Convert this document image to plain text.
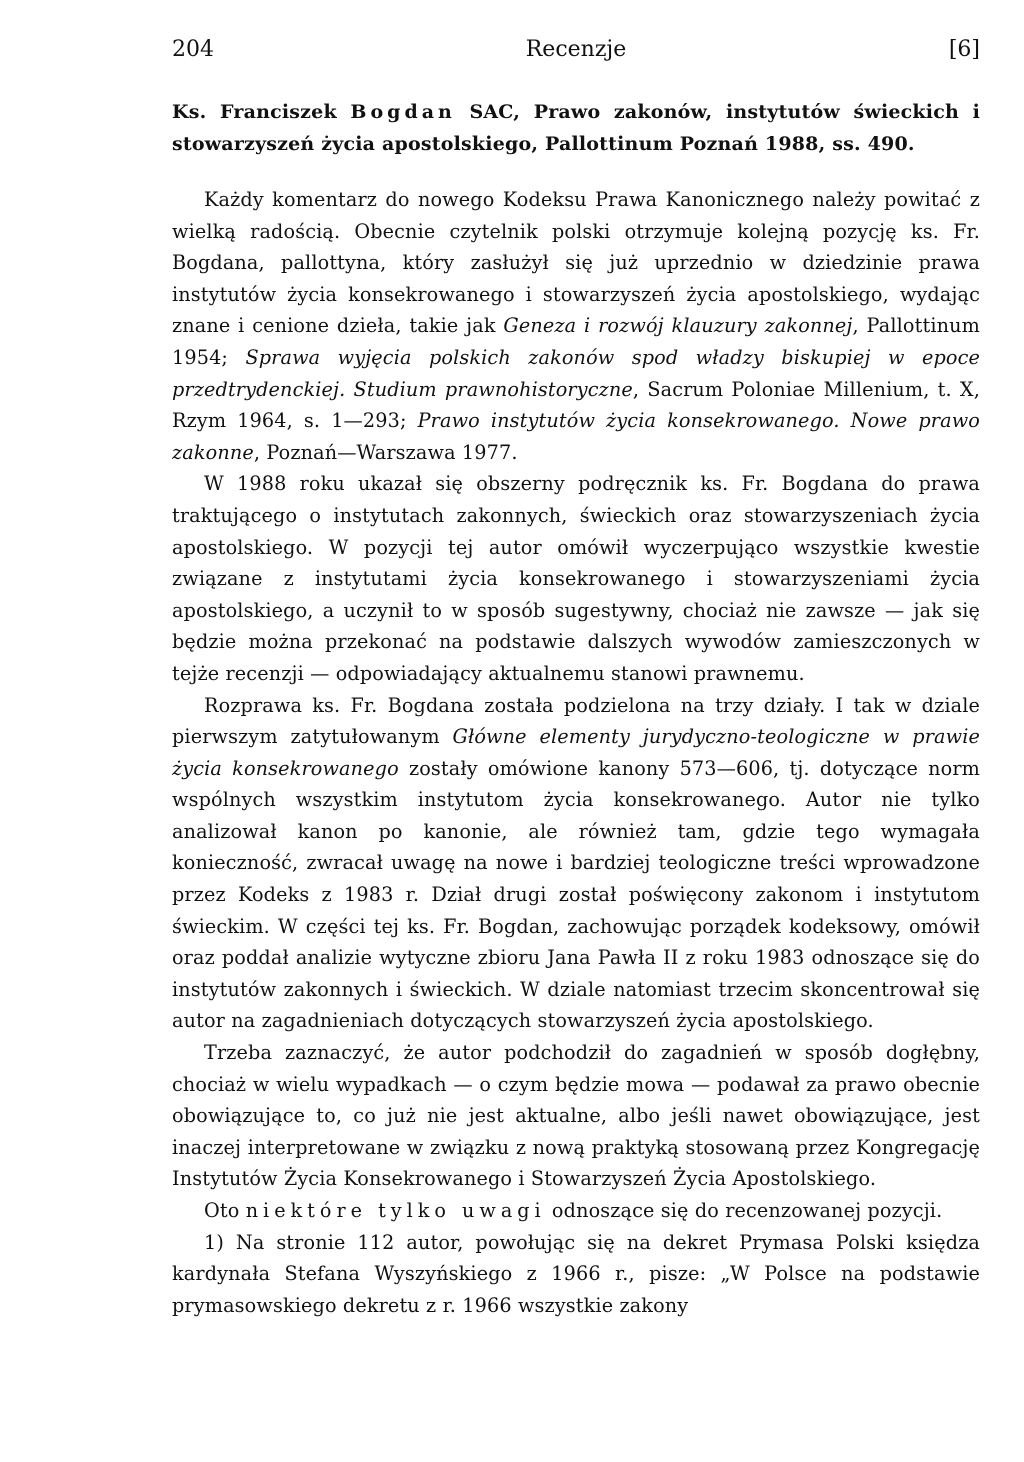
204	Recenzje	[6]
Ks. Franciszek Bogdan SAC, Prawo zakonów, instytutów świeckich i stowarzyszeń życia apostolskiego, Pallottinum Poznań 1988, ss. 490.

Każdy komentarz do nowego Kodeksu Prawa Kanonicznego należy powitać z wielką radością. Obecnie czytelnik polski otrzymuje kolejną pozycję ks. Fr. Bogdana, pallottyna, który zasłużył się już uprzednio w dziedzinie prawa instytutów życia konsekrowanego i stowarzyszeń życia apostolskiego, wydając znane i cenione dzieła, takie jak Geneza i rozwój klauzury zakonnej, Pallottinum 1954; Sprawa wyjęcia polskich zakonów spod władzy biskupiej w epoce przedtrydenckiej. Studium prawnohistoryczne, Sacrum Poloniae Millenium, t. X, Rzym 1964, s. 1—293; Prawo instytutów życia konsekrowanego. Nowe prawo zakonne, Poznań—Warszawa 1977.

W 1988 roku ukazał się obszerny podręcznik ks. Fr. Bogdana do prawa traktującego o instytutach zakonnych, świeckich oraz stowarzyszeniach życia apostolskiego. W pozycji tej autor omówił wyczerpująco wszystkie kwestie związane z instytutami życia konsekrowanego i stowarzyszeniami życia apostolskiego, a uczynił to w sposób sugestywny, chociaż nie zawsze — jak się będzie można przekonać na podstawie dalszych wywodów zamieszczonych w tejże recenzji — odpowiadający aktualnemu stanowi prawnemu.

Rozprawa ks. Fr. Bogdana została podzielona na trzy działy. I tak w dziale pierwszym zatytułowanym Główne elementy jurydyczno-teologiczne w prawie życia konsekrowanego zostały omówione kanony 573—606, tj. dotyczące norm wspólnych wszystkim instytutom życia konsekrowanego. Autor nie tylko analizował kanon po kanonie, ale również tam, gdzie tego wymagała konieczność, zwracał uwagę na nowe i bardziej teologiczne treści wprowadzone przez Kodeks z 1983 r. Dział drugi został poświęcony zakonom i instytutom świeckim. W części tej ks. Fr. Bogdan, zachowując porządek kodeksowy, omówił oraz poddał analizie wytyczne zbioru Jana Pawła II z roku 1983 odnoszące się do instytutów zakonnych i świeckich. W dziale natomiast trzecim skoncentrował się autor na zagadnieniach dotyczących stowarzyszeń życia apostolskiego.

Trzeba zaznaczyć, że autor podchodził do zagadnień w sposób dogłębny, chociaż w wielu wypadkach — o czym będzie mowa — podawał za prawo obecnie obowiązujące to, co już nie jest aktualne, albo jeśli nawet obowiązujące, jest inaczej interpretowane w związku z nową praktyką stosowaną przez Kongregację Instytutów Życia Konsekrowanego i Stowarzyszeń Życia Apostolskiego.

Oto niektóre tylko uwagi odnoszące się do recenzowanej pozycji.

1) Na stronie 112 autor, powołując się na dekret Prymasa Polski księdza kardynała Stefana Wyszyńskiego z 1966 r., pisze: „W Polsce na podstawie prymasowskiego dekretu z r. 1966 wszystkie zakony
